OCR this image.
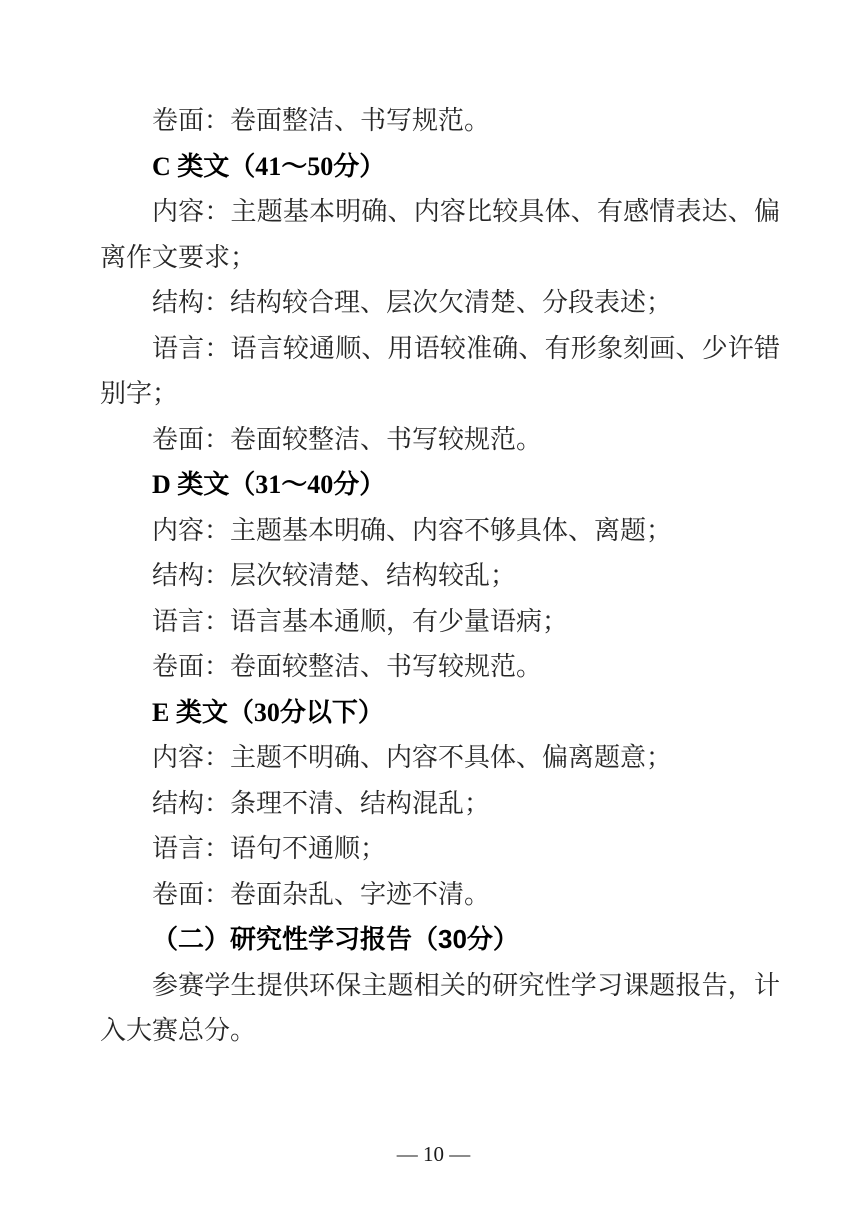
卷面：卷面整洁、书写规范。

C 类文（41～50分）

内容：主题基本明确、内容比较具体、有感情表达、偏离作文要求；

结构：结构较合理、层次欠清楚、分段表述；

语言：语言较通顺、用语较准确、有形象刻画、少许错别字；

卷面：卷面较整洁、书写较规范。

D 类文（31～40分）

内容：主题基本明确、内容不够具体、离题；

结构：层次较清楚、结构较乱；

语言：语言基本通顺，有少量语病；

卷面：卷面较整洁、书写较规范。

E 类文（30分以下）

内容：主题不明确、内容不具体、偏离题意；

结构：条理不清、结构混乱；

语言：语句不通顺；

卷面：卷面杂乱、字迹不清。

（二）研究性学习报告（30分）

参赛学生提供环保主题相关的研究性学习课题报告，计入大赛总分。

— 10 —
